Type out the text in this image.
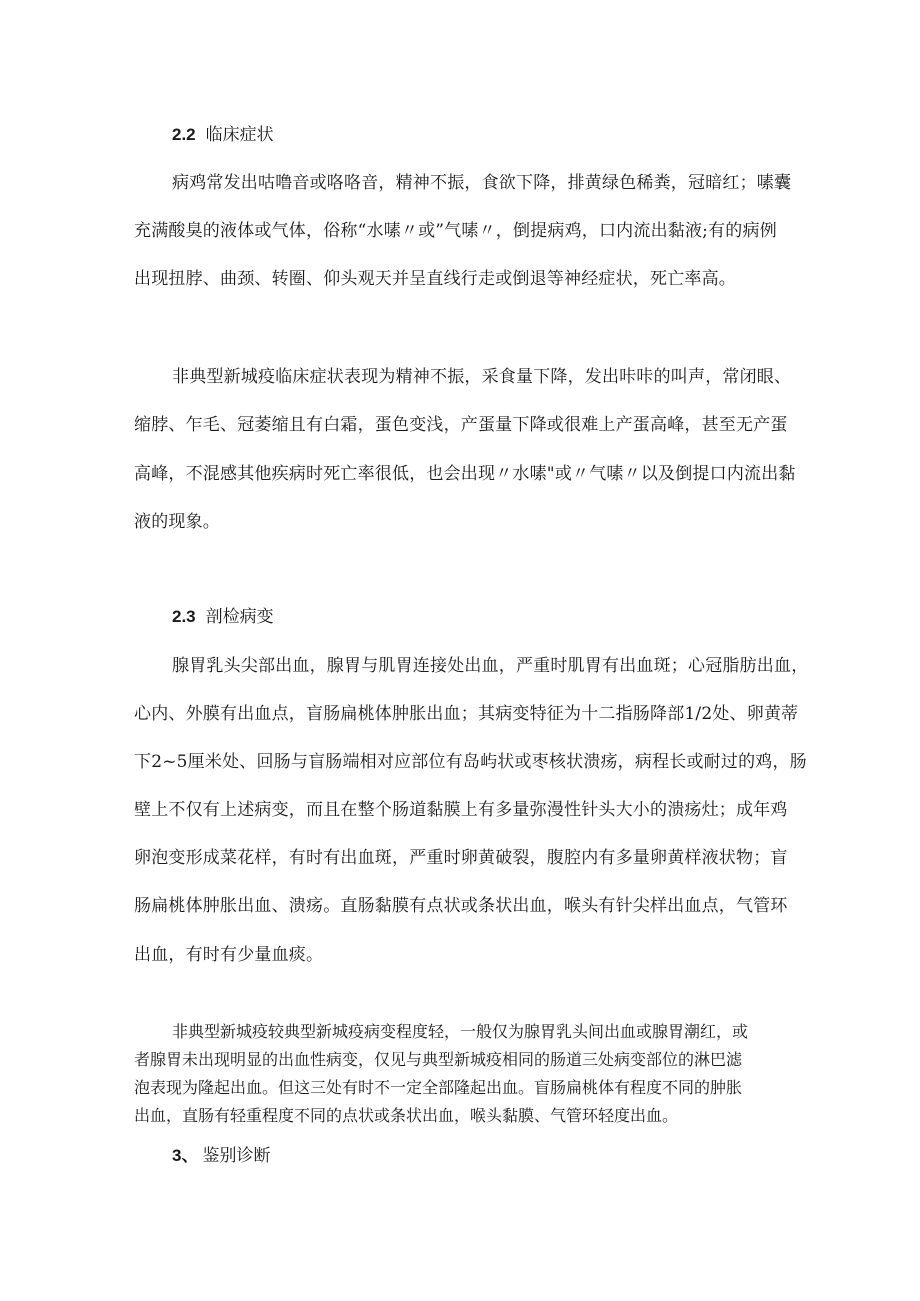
2.2 临床症状
病鸡常发出咕噜音或咯咯音，精神不振，食欲下降，排黄绿色稀粪，冠暗红；嗉囊
充满酸臭的液体或气体，俗称“水嗉〃或”气嗉〃，倒提病鸡，口内流出黏液;有的病例
出现扭脖、曲颈、转圈、仰头观天并呈直线行走或倒退等神经症状，死亡率高。
非典型新城疫临床症状表现为精神不振，采食量下降，发出咔咔的叫声，常闭眼、
缩脖、乍毛、冠萎缩且有白霜，蛋色变浅，产蛋量下降或很难上产蛋高峰，甚至无产蛋
高峰，不混感其他疾病时死亡率很低，也会出现〃水嗉"或〃气嗉〃以及倒提口内流出黏
液的现象。
2.3 剖检病变
腺胃乳头尖部出血，腺胃与肌胃连接处出血，严重时肌胃有出血斑；心冠脂肪出血，
心内、外膜有出血点，盲肠扁桃体肿胀出血；其病变特征为十二指肠降部1/2处、卵黄蒂
下2~5厘米处、回肠与盲肠端相对应部位有岛屿状或枣核状溃疡，病程长或耐过的鸡，肠
壁上不仅有上述病变，而且在整个肠道黏膜上有多量弥漫性针头大小的溃疡灶；成年鸡
卵泡变形成菜花样，有时有出血斑，严重时卵黄破裂，腹腔内有多量卵黄样液状物；盲
肠扁桃体肿胀出血、溃疡。直肠黏膜有点状或条状出血，喉头有针尖样出血点，气管环
出血，有时有少量血痰。
非典型新城疫较典型新城疫病变程度轻，一般仅为腺胃乳头间出血或腺胃潮红，或
者腺胃未出现明显的出血性病变，仅见与典型新城疫相同的肠道三处病变部位的淋巴滤
泡表现为隆起出血。但这三处有时不一定全部隆起出血。盲肠扁桃体有程度不同的肿胀
出血，直肠有轻重程度不同的点状或条状出血，喉头黏膜、气管环轻度出血。
3、 鉴别诊断
